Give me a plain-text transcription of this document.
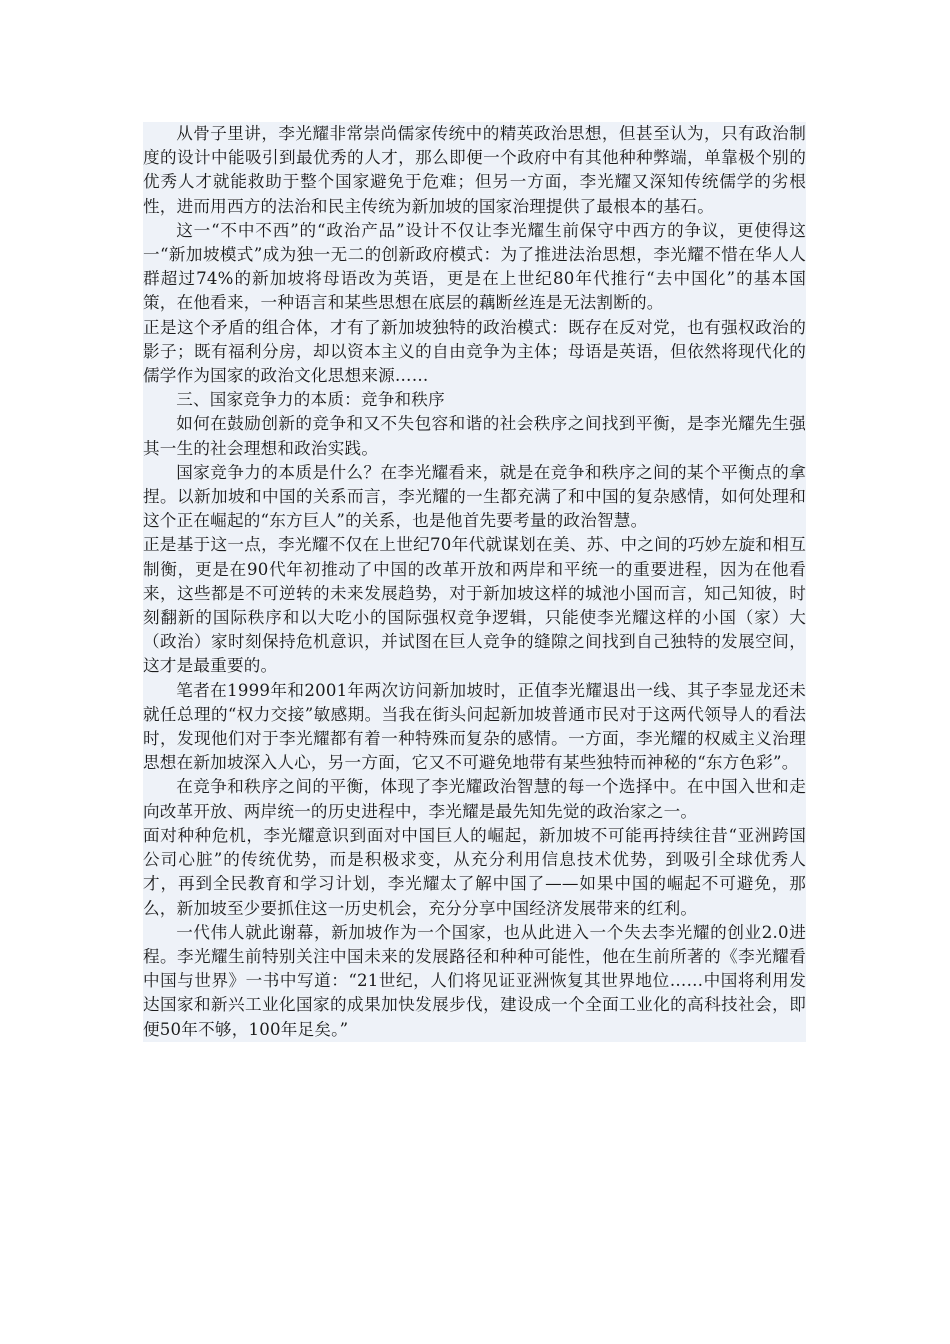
从骨子里讲，李光耀非常崇尚儒家传统中的精英政治思想，但甚至认为，只有政治制度的设计中能吸引到最优秀的人才，那么即便一个政府中有其他种种弊端，单靠极个别的优秀人才就能救助于整个国家避免于危难；但另一方面，李光耀又深知传统儒学的劣根性，进而用西方的法治和民主传统为新加坡的国家治理提供了最根本的基石。

这一“不中不西”的“政治产品”设计不仅让李光耀生前保守中西方的争议，更使得这一“新加坡模式”成为独一无二的创新政府模式：为了推进法治思想，李光耀不惜在华人人群超过74%的新加坡将母语改为英语，更是在上世纪80年代推行“去中国化”的基本国策，在他看来，一种语言和某些思想在底层的藕断丝连是无法割断的。

正是这个矛盾的组合体，才有了新加坡独特的政治模式：既存在反对党，也有强权政治的影子；既有福利分房，却以资本主义的自由竞争为主体；母语是英语，但依然将现代化的儒学作为国家的政治文化思想来源……

三、国家竞争力的本质：竞争和秩序

如何在鼓励创新的竞争和又不失包容和谐的社会秩序之间找到平衡，是李光耀先生强其一生的社会理想和政治实践。

国家竞争力的本质是什么？在李光耀看来，就是在竞争和秩序之间的某个平衡点的拿捏。以新加坡和中国的关系而言，李光耀的一生都充满了和中国的复杂感情，如何处理和这个正在崛起的“东方巨人”的关系，也是他首先要考量的政治智慧。

正是基于这一点，李光耀不仅在上世纪70年代就谋划在美、苏、中之间的巧妙左旋和相互制衡，更是在90代年初推动了中国的改革开放和两岸和平统一的重要进程，因为在他看来，这些都是不可逆转的未来发展趋势，对于新加坡这样的城池小国而言，知己知彼，时刻翻新的国际秩序和以大吃小的国际强权竞争逻辑，只能使李光耀这样的小国（家）大（政治）家时刻保持危机意识，并试图在巨人竞争的缝隙之间找到自己独特的发展空间，这才是最重要的。

笔者在1999年和2001年两次访问新加坡时，正值李光耀退出一线、其子李显龙还未就任总理的“权力交接”敏感期。当我在街头问起新加坡普通市民对于这两代领导人的看法时，发现他们对于李光耀都有着一种特殊而复杂的感情。一方面，李光耀的权威主义治理思想在新加坡深入人心，另一方面，它又不可避免地带有某些独特而神秘的“东方色彩”。

在竞争和秩序之间的平衡，体现了李光耀政治智慧的每一个选择中。在中国入世和走向改革开放、两岸统一的历史进程中，李光耀是最先知先觉的政治家之一。

面对种种危机，李光耀意识到面对中国巨人的崛起，新加坡不可能再持续往昔“亚洲跨国公司心脏”的传统优势，而是积极求变，从充分利用信息技术优势，到吸引全球优秀人才，再到全民教育和学习计划，李光耀太了解中国了——如果中国的崛起不可避免，那么，新加坡至少要抓住这一历史机会，充分分享中国经济发展带来的红利。

一代伟人就此谢幕，新加坡作为一个国家，也从此进入一个失去李光耀的创业2.0进程。李光耀生前特别关注中国未来的发展路径和种种可能性，他在生前所著的《李光耀看中国与世界》一书中写道：“21世纪，人们将见证亚洲恢复其世界地位……中国将利用发达国家和新兴工业化国家的成果加快发展步伐，建设成一个全面工业化的高科技社会，即便50年不够，100年足矣。”
